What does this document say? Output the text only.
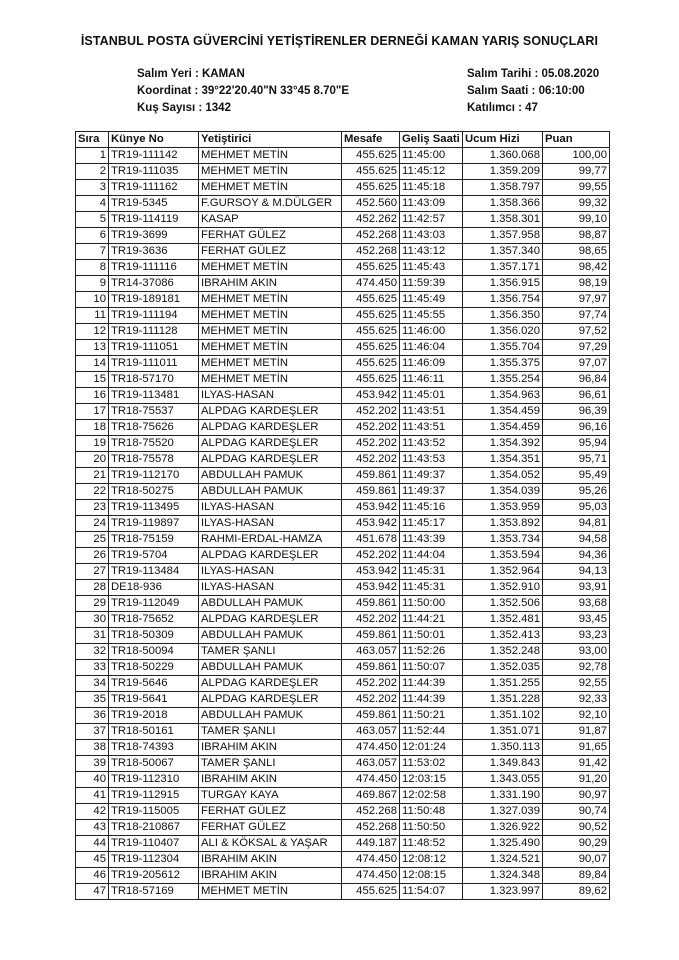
İSTANBUL POSTA GÜVERCİNİ YETİŞTİRENLER DERNEĞİ KAMAN YARIŞ SONUÇLARI
Salım Yeri : KAMAN
Koordinat : 39°22'20.40"N 33°45 8.70"E
Kuş Sayısı : 1342
Salım Tarihi : 05.08.2020
Salım Saati : 06:10:00
Katılımcı : 47
Sıra	Künye No	Yetiştirici	Mesafe	Geliş Saati	Ucum Hizi	Puan
1	TR19-111142	MEHMET METİN	455.625	11:45:00	1.360.068	100,00
2	TR19-111035	MEHMET METİN	455.625	11:45:12	1.359.209	99,77
3	TR19-111162	MEHMET METİN	455.625	11:45:18	1.358.797	99,55
4	TR19-5345	F.GURSOY & M.DÜLGER	452.560	11:43:09	1.358.366	99,32
5	TR19-114119	KASAP	452.262	11:42:57	1.358.301	99,10
6	TR19-3699	FERHAT GÜLEZ	452.268	11:43:03	1.357.958	98,87
7	TR19-3636	FERHAT GÜLEZ	452.268	11:43:12	1.357.340	98,65
8	TR19-111116	MEHMET METİN	455.625	11:45:43	1.357.171	98,42
9	TR14-37086	IBRAHIM AKIN	474.450	11:59:39	1.356.915	98,19
10	TR19-189181	MEHMET METİN	455.625	11:45:49	1.356.754	97,97
11	TR19-111194	MEHMET METİN	455.625	11:45:55	1.356.350	97,74
12	TR19-111128	MEHMET METİN	455.625	11:46:00	1.356.020	97,52
13	TR19-111051	MEHMET METİN	455.625	11:46:04	1.355.704	97,29
14	TR19-111011	MEHMET METİN	455.625	11:46:09	1.355.375	97,07
15	TR18-57170	MEHMET METİN	455.625	11:46:11	1.355.254	96,84
16	TR19-113481	ILYAS-HASAN	453.942	11:45:01	1.354.963	96,61
17	TR18-75537	ALPDAG KARDEŞLER	452.202	11:43:51	1.354.459	96,39
18	TR18-75626	ALPDAG KARDEŞLER	452.202	11:43:51	1.354.459	96,16
19	TR18-75520	ALPDAG KARDEŞLER	452.202	11:43:52	1.354.392	95,94
20	TR18-75578	ALPDAG KARDEŞLER	452.202	11:43:53	1.354.351	95,71
21	TR19-112170	ABDULLAH PAMUK	459.861	11:49:37	1.354.052	95,49
22	TR18-50275	ABDULLAH PAMUK	459.861	11:49:37	1.354.039	95,26
23	TR19-113495	ILYAS-HASAN	453.942	11:45:16	1.353.959	95,03
24	TR19-119897	ILYAS-HASAN	453.942	11:45:17	1.353.892	94,81
25	TR18-75159	RAHMI-ERDAL-HAMZA	451.678	11:43:39	1.353.734	94,58
26	TR19-5704	ALPDAG KARDEŞLER	452.202	11:44:04	1.353.594	94,36
27	TR19-113484	ILYAS-HASAN	453.942	11:45:31	1.352.964	94,13
28	DE18-936	ILYAS-HASAN	453.942	11:45:31	1.352.910	93,91
29	TR19-112049	ABDULLAH PAMUK	459.861	11:50:00	1.352.506	93,68
30	TR18-75652	ALPDAG KARDEŞLER	452.202	11:44:21	1.352.481	93,45
31	TR18-50309	ABDULLAH PAMUK	459.861	11:50:01	1.352.413	93,23
32	TR18-50094	TAMER ŞANLI	463.057	11:52:26	1.352.248	93,00
33	TR18-50229	ABDULLAH PAMUK	459.861	11:50:07	1.352.035	92,78
34	TR19-5646	ALPDAG KARDEŞLER	452.202	11:44:39	1.351.255	92,55
35	TR19-5641	ALPDAG KARDEŞLER	452.202	11:44:39	1.351.228	92,33
36	TR19-2018	ABDULLAH PAMUK	459.861	11:50:21	1.351.102	92,10
37	TR18-50161	TAMER ŞANLI	463.057	11:52:44	1.351.071	91,87
38	TR18-74393	IBRAHIM AKIN	474.450	12:01:24	1.350.113	91,65
39	TR18-50067	TAMER ŞANLI	463.057	11:53:02	1.349.843	91,42
40	TR19-112310	IBRAHIM AKIN	474.450	12:03:15	1.343.055	91,20
41	TR19-112915	TURGAY KAYA	469.867	12:02:58	1.331.190	90,97
42	TR19-115005	FERHAT GÜLEZ	452.268	11:50:48	1.327.039	90,74
43	TR18-210867	FERHAT GÜLEZ	452.268	11:50:50	1.326.922	90,52
44	TR19-110407	ALI & KÖKSAL & YAŞAR	449.187	11:48:52	1.325.490	90,29
45	TR19-112304	IBRAHIM AKIN	474.450	12:08:12	1.324.521	90,07
46	TR19-205612	IBRAHIM AKIN	474.450	12:08:15	1.324.348	89,84
47	TR18-57169	MEHMET METİN	455.625	11:54:07	1.323.997	89,62
